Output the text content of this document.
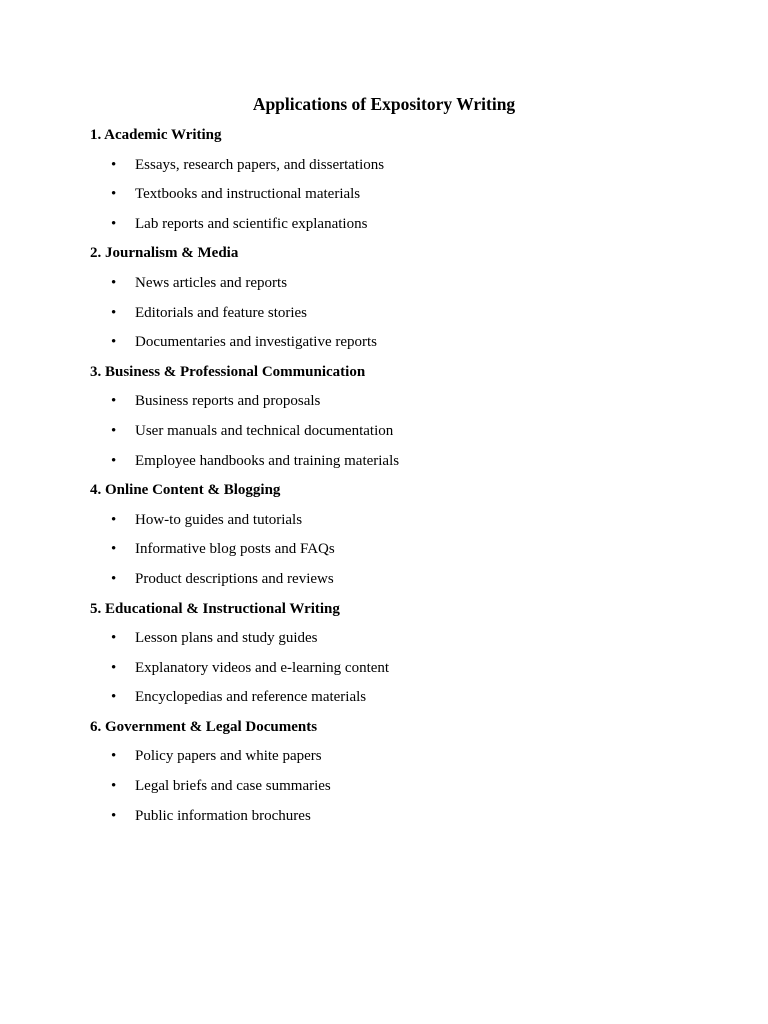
Applications of Expository Writing

1. Academic Writing

•	Essays, research papers, and dissertations
•	Textbooks and instructional materials
•	Lab reports and scientific explanations

2. Journalism & Media

•	News articles and reports
•	Editorials and feature stories
•	Documentaries and investigative reports

3. Business & Professional Communication

•	Business reports and proposals
•	User manuals and technical documentation
•	Employee handbooks and training materials

4. Online Content & Blogging

•	How-to guides and tutorials
•	Informative blog posts and FAQs
•	Product descriptions and reviews

5. Educational & Instructional Writing

•	Lesson plans and study guides
•	Explanatory videos and e-learning content
•	Encyclopedias and reference materials

6. Government & Legal Documents

•	Policy papers and white papers
•	Legal briefs and case summaries
•	Public information brochures
